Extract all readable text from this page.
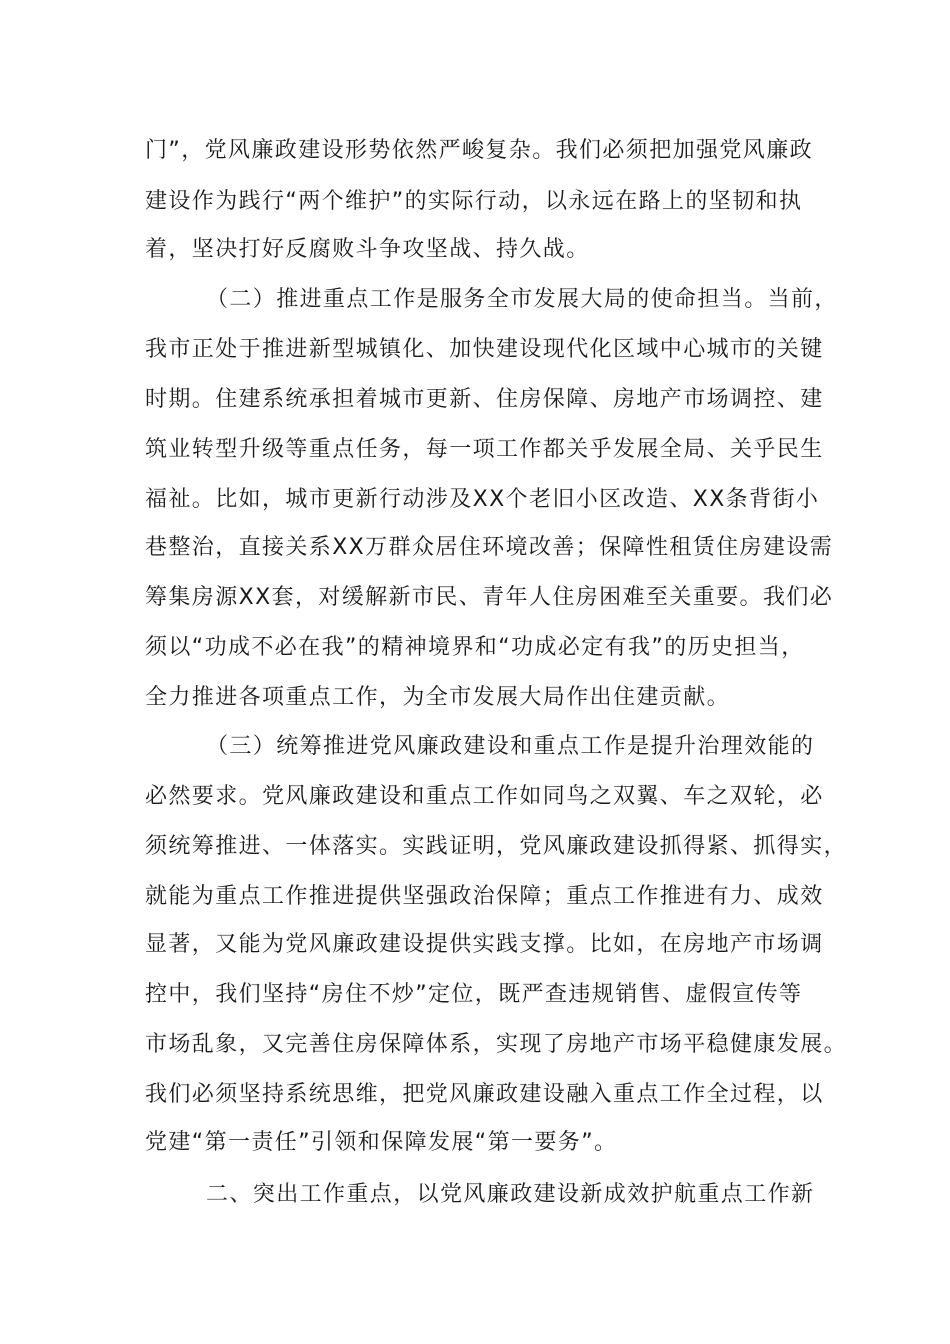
门”，党风廉政建设形势依然严峻复杂。我们必须把加强党风廉政
建设作为践行“两个维护”的实际行动，以永远在路上的坚韧和执
着，坚决打好反腐败斗争攻坚战、持久战。
（二）推进重点工作是服务全市发展大局的使命担当。当前，
我市正处于推进新型城镇化、加快建设现代化区域中心城市的关键
时期。住建系统承担着城市更新、住房保障、房地产市场调控、建
筑业转型升级等重点任务，每一项工作都关乎发展全局、关乎民生
福祉。比如，城市更新行动涉及XX个老旧小区改造、XX条背街小
巷整治，直接关系XX万群众居住环境改善；保障性租赁住房建设需
筹集房源XX套，对缓解新市民、青年人住房困难至关重要。我们必
须以“功成不必在我”的精神境界和“功成必定有我”的历史担当，
全力推进各项重点工作，为全市发展大局作出住建贡献。
（三）统筹推进党风廉政建设和重点工作是提升治理效能的
必然要求。党风廉政建设和重点工作如同鸟之双翼、车之双轮，必
须统筹推进、一体落实。实践证明，党风廉政建设抓得紧、抓得实，
就能为重点工作推进提供坚强政治保障；重点工作推进有力、成效
显著，又能为党风廉政建设提供实践支撑。比如，在房地产市场调
控中，我们坚持“房住不炒”定位，既严查违规销售、虚假宣传等
市场乱象，又完善住房保障体系，实现了房地产市场平稳健康发展。
我们必须坚持系统思维，把党风廉政建设融入重点工作全过程，以
党建“第一责任”引领和保障发展“第一要务”。
二、突出工作重点，以党风廉政建设新成效护航重点工作新
